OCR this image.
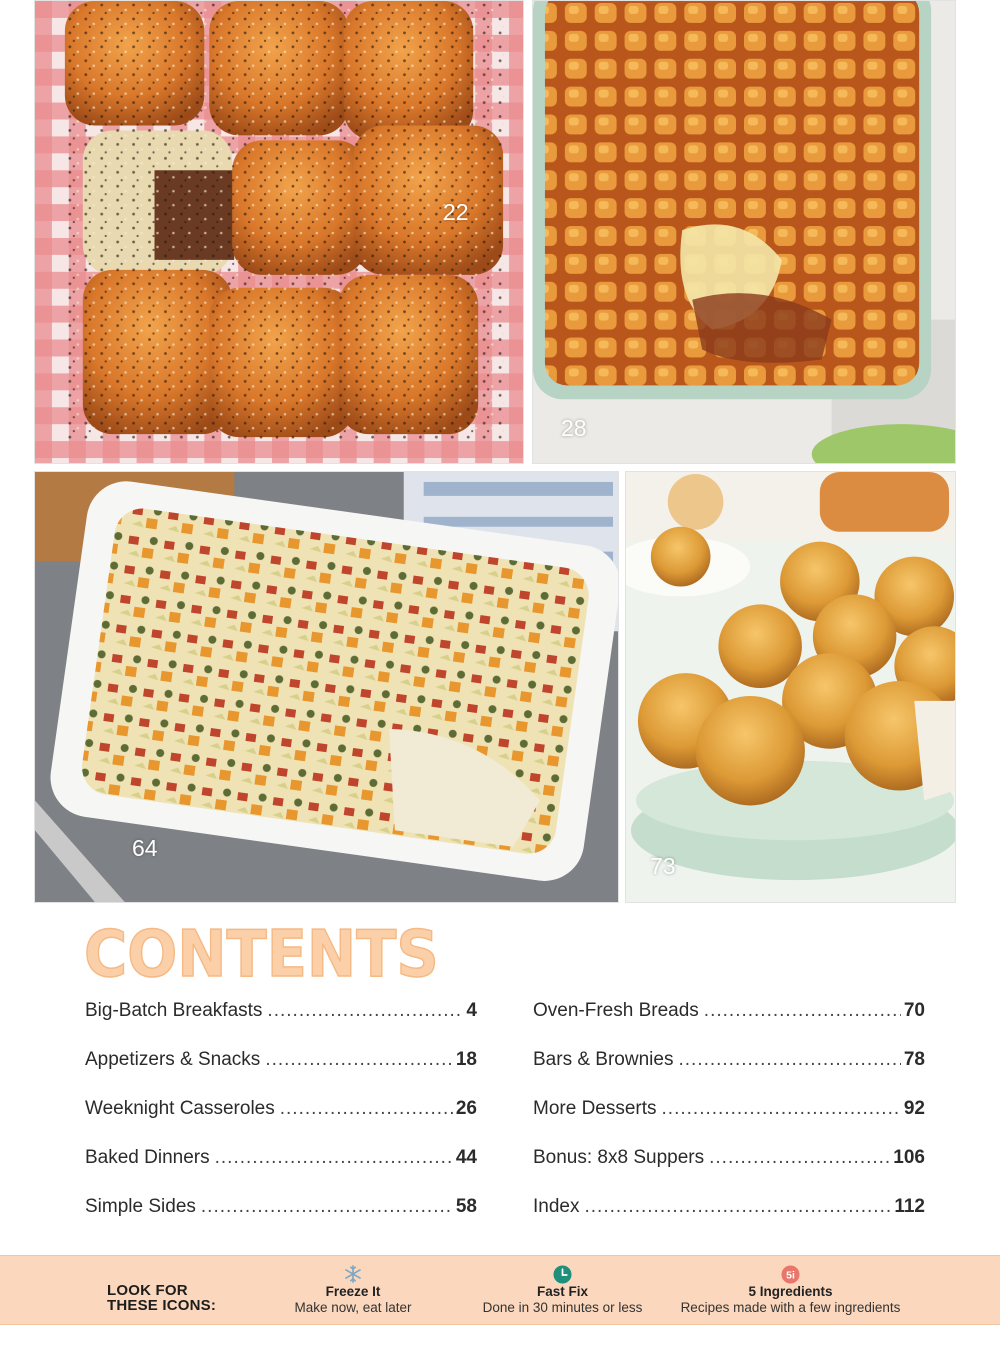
22
28
64
73
CONTENTS
Big-Batch Breakfasts .....	4
Appetizers & Snacks .....	18
Weeknight Casseroles .....	26
Baked Dinners .....	44
Simple Sides .....	58
Oven-Fresh Breads .....	70
Bars & Brownies .....	78
More Desserts .....	92
Bonus: 8x8 Suppers .....	106
Index .....	112
LOOK FOR
THESE ICONS:
Freeze It
Make now, eat later
Fast Fix
Done in 30 minutes or less
5i
5 Ingredients
Recipes made with a few ingredients
